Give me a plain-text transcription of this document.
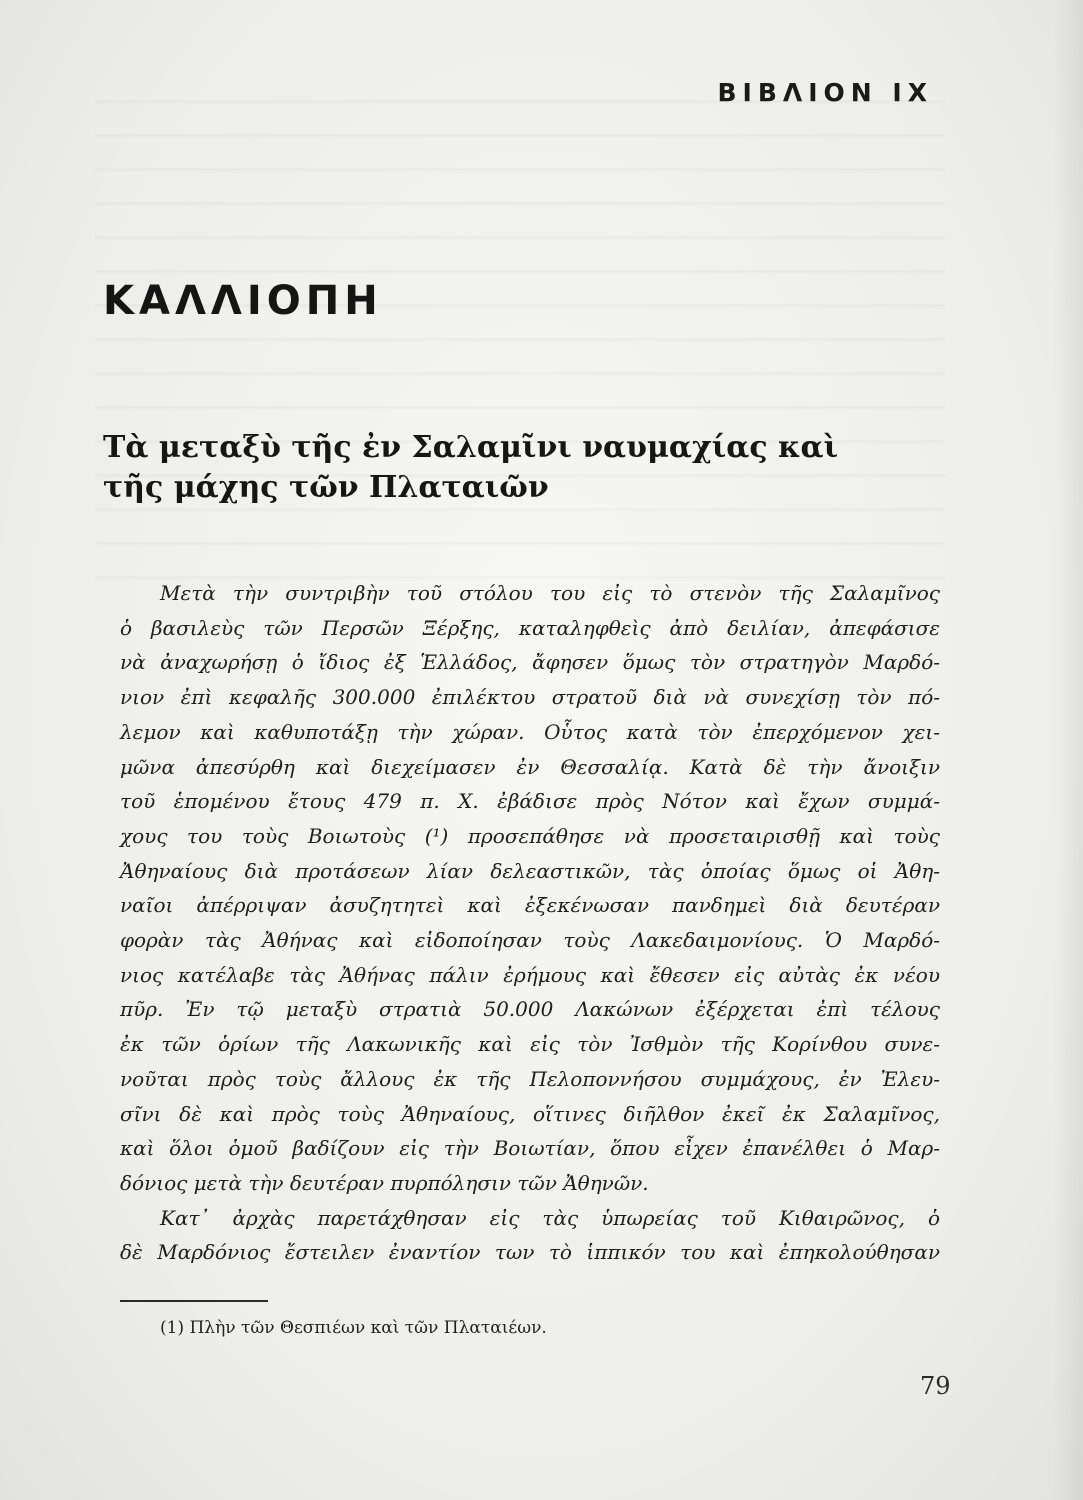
ΒΙΒΛΙΟΝ ΙΧ
ΚΑΛΛΙΟΠΗ
Τὰ μεταξὺ τῆς ἐν Σαλαμῖνι ναυμαχίας καὶ
τῆς μάχης τῶν Πλαταιῶν
Μετὰ τὴν συντριβὴν τοῦ στόλου του εἰς τὸ στενὸν τῆς Σαλαμῖνος
ὁ βασιλεὺς τῶν Περσῶν Ξέρξης, καταληφθεὶς ἀπὸ δειλίαν, ἀπεφάσισε
νὰ ἀναχωρήσῃ ὁ ἴδιος ἐξ Ἑλλάδος, ἄφησεν ὅμως τὸν στρατηγὸν Μαρδό-
νιον ἐπὶ κεφαλῆς 300.000 ἐπιλέκτου στρατοῦ διὰ νὰ συνεχίσῃ τὸν πό-
λεμον καὶ καθυποτάξῃ τὴν χώραν. Οὗτος κατὰ τὸν ἐπερχόμενον χει-
μῶνα ἀπεσύρθη καὶ διεχείμασεν ἐν Θεσσαλίᾳ. Κατὰ δὲ τὴν ἄνοιξιν
τοῦ ἑπομένου ἔτους 479 π. Χ. ἐβάδισε πρὸς Νότον καὶ ἔχων συμμά-
χους του τοὺς Βοιωτοὺς (¹) προσεπάθησε νὰ προσεταιρισθῇ καὶ τοὺς
Ἀθηναίους διὰ προτάσεων λίαν δελεαστικῶν, τὰς ὁποίας ὅμως οἱ Ἀθη-
ναῖοι ἀπέρριψαν ἀσυζητητεὶ καὶ ἐξεκένωσαν πανδημεὶ διὰ δευτέραν
φορὰν τὰς Ἀθήνας καὶ εἰδοποίησαν τοὺς Λακεδαιμονίους. Ὁ Μαρδό-
νιος κατέλαβε τὰς Ἀθήνας πάλιν ἐρήμους καὶ ἔθεσεν εἰς αὐτὰς ἐκ νέου
πῦρ. Ἐν τῷ μεταξὺ στρατιὰ 50.000 Λακώνων ἐξέρχεται ἐπὶ τέλους
ἐκ τῶν ὁρίων τῆς Λακωνικῆς καὶ εἰς τὸν Ἰσθμὸν τῆς Κορίνθου συνε-
νοῦται πρὸς τοὺς ἄλλους ἐκ τῆς Πελοποννήσου συμμάχους, ἐν Ἐλευ-
σῖνι δὲ καὶ πρὸς τοὺς Ἀθηναίους, οἵτινες διῆλθον ἐκεῖ ἐκ Σαλαμῖνος,
καὶ ὅλοι ὁμοῦ βαδίζουν εἰς τὴν Βοιωτίαν, ὅπου εἶχεν ἐπανέλθει ὁ Μαρ-
δόνιος μετὰ τὴν δευτέραν πυρπόλησιν τῶν Ἀθηνῶν.
Κατ᾽ ἀρχὰς παρετάχθησαν εἰς τὰς ὑπωρείας τοῦ Κιθαιρῶνος, ὁ
δὲ Μαρδόνιος ἔστειλεν ἐναντίον των τὸ ἱππικόν του καὶ ἐπηκολούθησαν
(1) Πλὴν τῶν Θεσπιέων καὶ τῶν Πλαταιέων.
79
